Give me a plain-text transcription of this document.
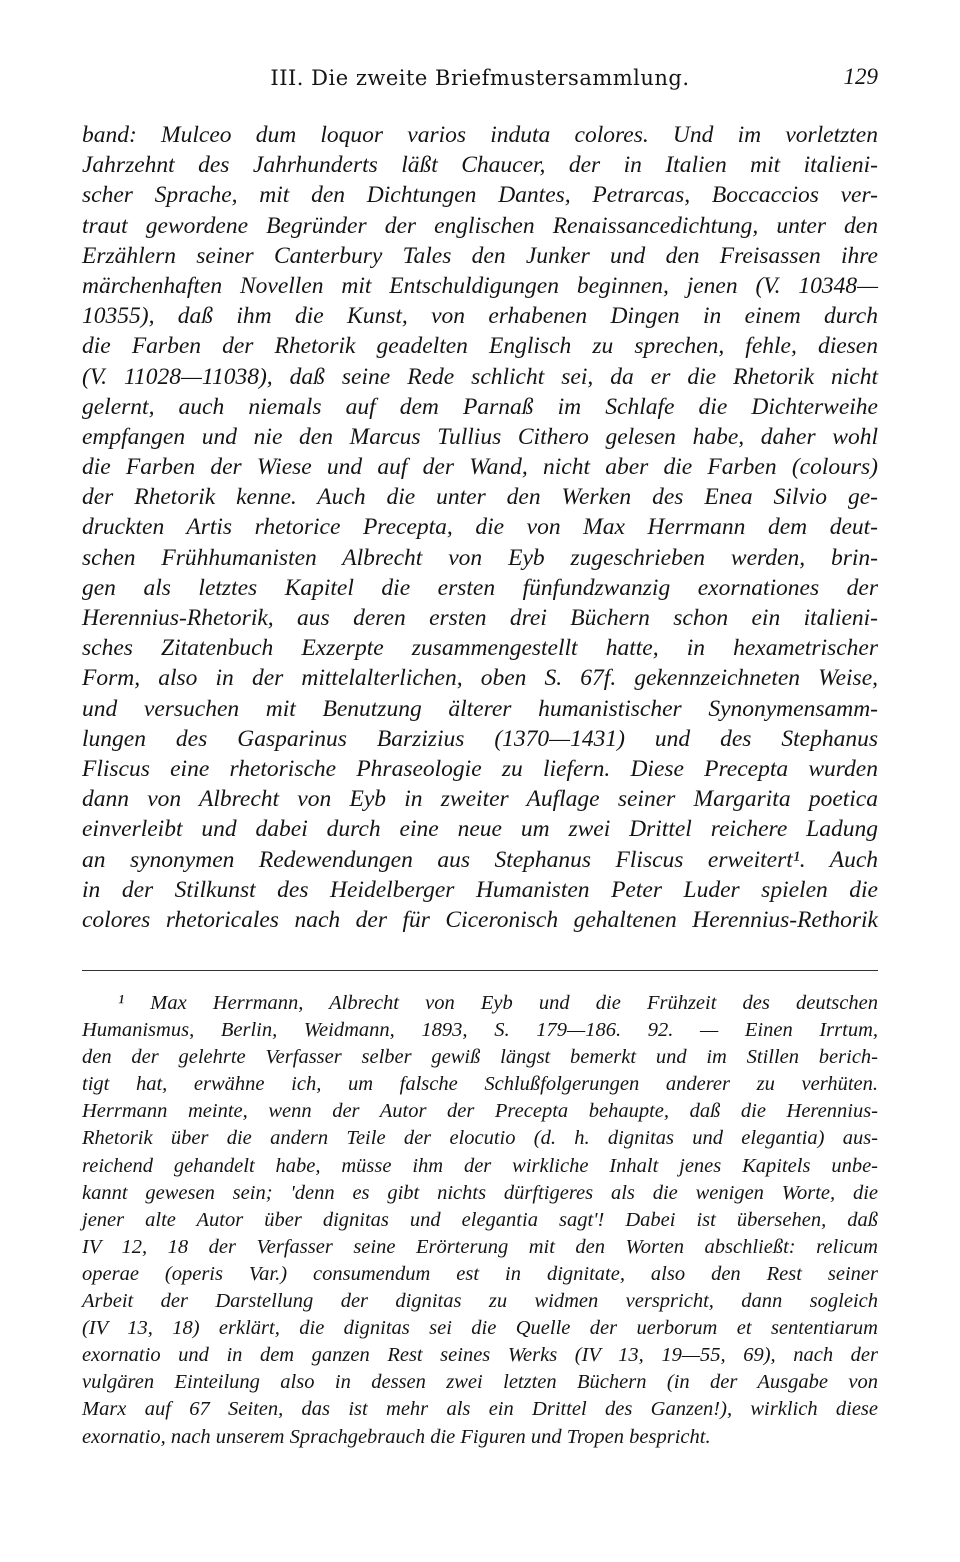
III. Die zweite Briefmustersammlung.	129
band: Mulceo dum loquor varios induta colores. Und im vorletzten
Jahrzehnt des Jahrhunderts läßt Chaucer, der in Italien mit italieni-
scher Sprache, mit den Dichtungen Dantes, Petrarcas, Boccaccios ver-
traut gewordene Begründer der englischen Renaissancedichtung, unter den
Erzählern seiner Canterbury Tales den Junker und den Freisassen ihre
märchenhaften Novellen mit Entschuldigungen beginnen, jenen (V. 10348—
10355), daß ihm die Kunst, von erhabenen Dingen in einem durch
die Farben der Rhetorik geadelten Englisch zu sprechen, fehle, diesen
(V. 11028—11038), daß seine Rede schlicht sei, da er die Rhetorik nicht
gelernt, auch niemals auf dem Parnaß im Schlafe die Dichterweihe
empfangen und nie den Marcus Tullius Cithero gelesen habe, daher wohl
die Farben der Wiese und auf der Wand, nicht aber die Farben (colours)
der Rhetorik kenne. Auch die unter den Werken des Enea Silvio ge-
druckten Artis rhetorice Precepta, die von Max Herrmann dem deut-
schen Frühhumanisten Albrecht von Eyb zugeschrieben werden, brin-
gen als letztes Kapitel die ersten fünfundzwanzig exornationes der
Herennius-Rhetorik, aus deren ersten drei Büchern schon ein italieni-
sches Zitatenbuch Exzerpte zusammengestellt hatte, in hexametrischer
Form, also in der mittelalterlichen, oben S. 67f. gekennzeichneten Weise,
und versuchen mit Benutzung älterer humanistischer Synonymensamm-
lungen des Gasparinus Barzizius (1370—1431) und des Stephanus
Fliscus eine rhetorische Phraseologie zu liefern. Diese Precepta wurden
dann von Albrecht von Eyb in zweiter Auflage seiner Margarita poetica
einverleibt und dabei durch eine neue um zwei Drittel reichere Ladung
an synonymen Redewendungen aus Stephanus Fliscus erweitert¹. Auch
in der Stilkunst des Heidelberger Humanisten Peter Luder spielen die
colores rhetoricales nach der für Ciceronisch gehaltenen Herennius-Rethorik
¹ Max Herrmann, Albrecht von Eyb und die Frühzeit des deutschen
Humanismus, Berlin, Weidmann, 1893, S. 179—186. 92. — Einen Irrtum,
den der gelehrte Verfasser selber gewiß längst bemerkt und im Stillen berich-
tigt hat, erwähne ich, um falsche Schlußfolgerungen anderer zu verhüten.
Herrmann meinte, wenn der Autor der Precepta behaupte, daß die Herennius-
Rhetorik über die andern Teile der elocutio (d. h. dignitas und elegantia) aus-
reichend gehandelt habe, müsse ihm der wirkliche Inhalt jenes Kapitels unbe-
kannt gewesen sein; 'denn es gibt nichts dürftigeres als die wenigen Worte, die
jener alte Autor über dignitas und elegantia sagt'! Dabei ist übersehen, daß
IV 12, 18 der Verfasser seine Erörterung mit den Worten abschließt: relicum
operae (operis Var.) consumendum est in dignitate, also den Rest seiner
Arbeit der Darstellung der dignitas zu widmen verspricht, dann sogleich
(IV 13, 18) erklärt, die dignitas sei die Quelle der uerborum et sententiarum
exornatio und in dem ganzen Rest seines Werks (IV 13, 19—55, 69), nach der
vulgären Einteilung also in dessen zwei letzten Büchern (in der Ausgabe von
Marx auf 67 Seiten, das ist mehr als ein Drittel des Ganzen!), wirklich diese
exornatio, nach unserem Sprachgebrauch die Figuren und Tropen bespricht.
